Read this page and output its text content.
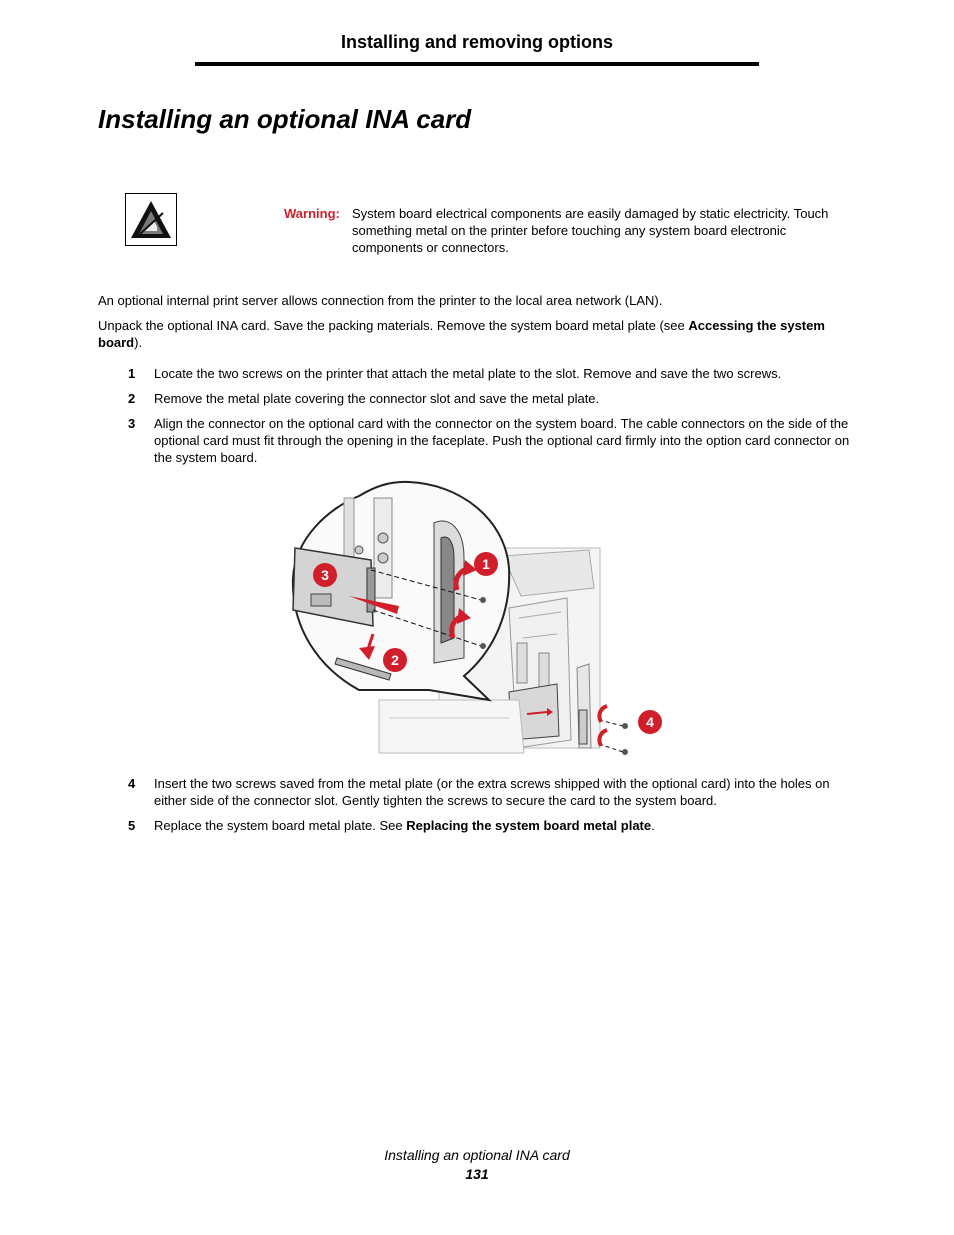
Installing and removing options
Installing an optional INA card
Warning: System board electrical components are easily damaged by static electricity. Touch something metal on the printer before touching any system board electronic components or connectors.

An optional internal print server allows connection from the printer to the local area network (LAN).

Unpack the optional INA card. Save the packing materials. Remove the system board metal plate (see Accessing the system board).

1 Locate the two screws on the printer that attach the metal plate to the slot. Remove and save the two screws.
2 Remove the metal plate covering the connector slot and save the metal plate.
3 Align the connector on the optional card with the connector on the system board. The cable connectors on the side of the optional card must fit through the opening in the faceplate. Push the optional card firmly into the option card connector on the system board.
1
2
3
4
4 Insert the two screws saved from the metal plate (or the extra screws shipped with the optional card) into the holes on either side of the connector slot. Gently tighten the screws to secure the card to the system board.
5 Replace the system board metal plate. See Replacing the system board metal plate.
Installing an optional INA card
131
